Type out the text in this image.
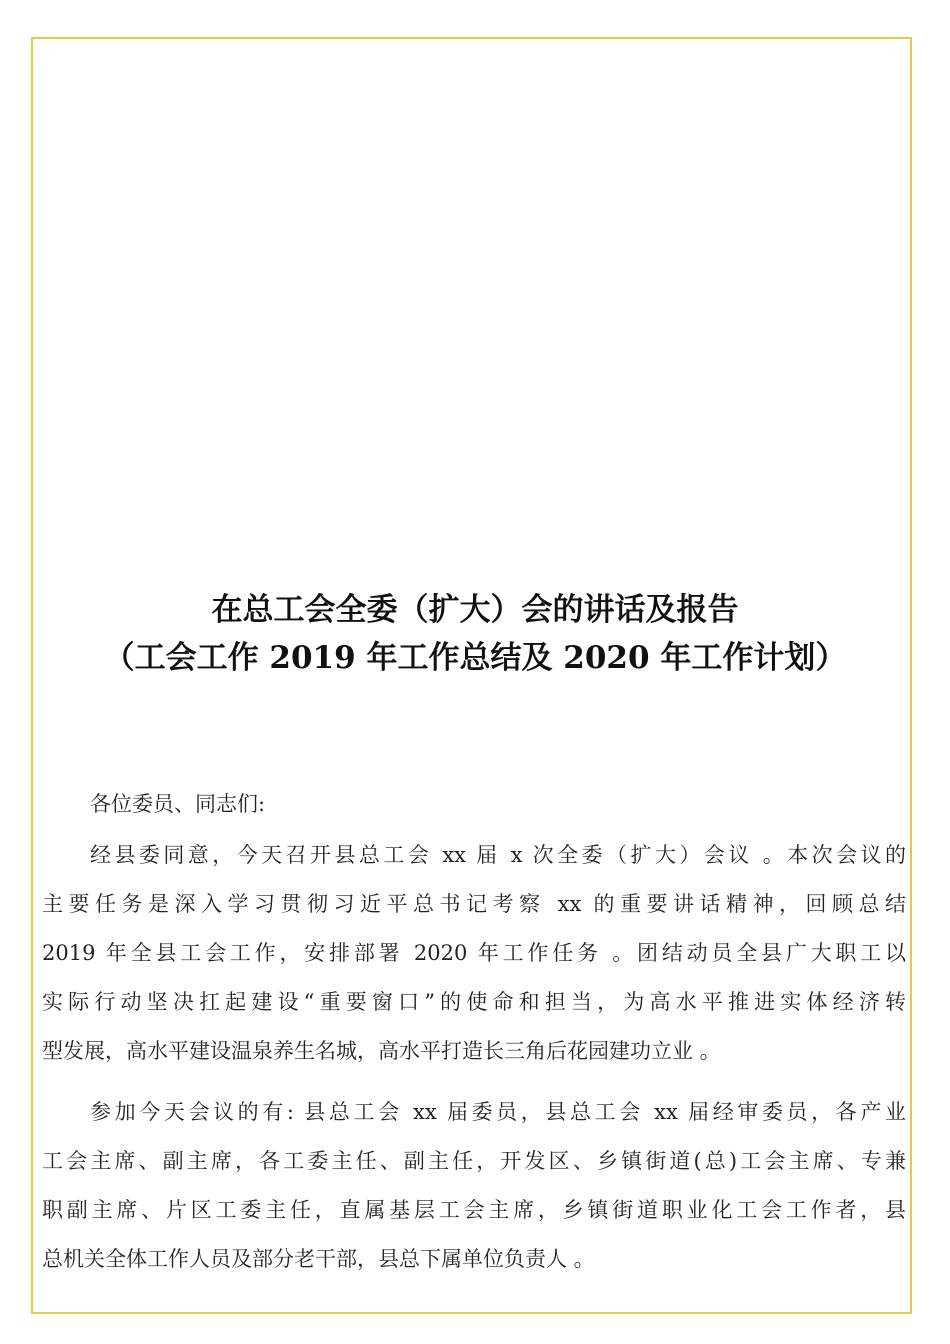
在总工会全委（扩大）会的讲话及报告
（工会工作 2019 年工作总结及 2020 年工作计划）
各位委员、同志们:
经县委同意，今天召开县总工会 xx 届 x 次全委（扩大）会议 。本次会议的
主要任务是深入学习贯彻习近平总书记考察 xx 的重要讲话精神，回顾总结
2019 年全县工会工作，安排部署 2020 年工作任务 。团结动员全县广大职工以
实际行动坚决扛起建设“重要窗口”的使命和担当，为高水平推进实体经济转
型发展，高水平建设温泉养生名城，高水平打造长三角后花园建功立业 。
参加今天会议的有: 县总工会 xx 届委员，县总工会 xx 届经审委员，各产业
工会主席、副主席，各工委主任、副主任，开发区、乡镇街道(总)工会主席、专兼
职副主席、片区工委主任，直属基层工会主席，乡镇街道职业化工会工作者，县
总机关全体工作人员及部分老干部，县总下属单位负责人 。
